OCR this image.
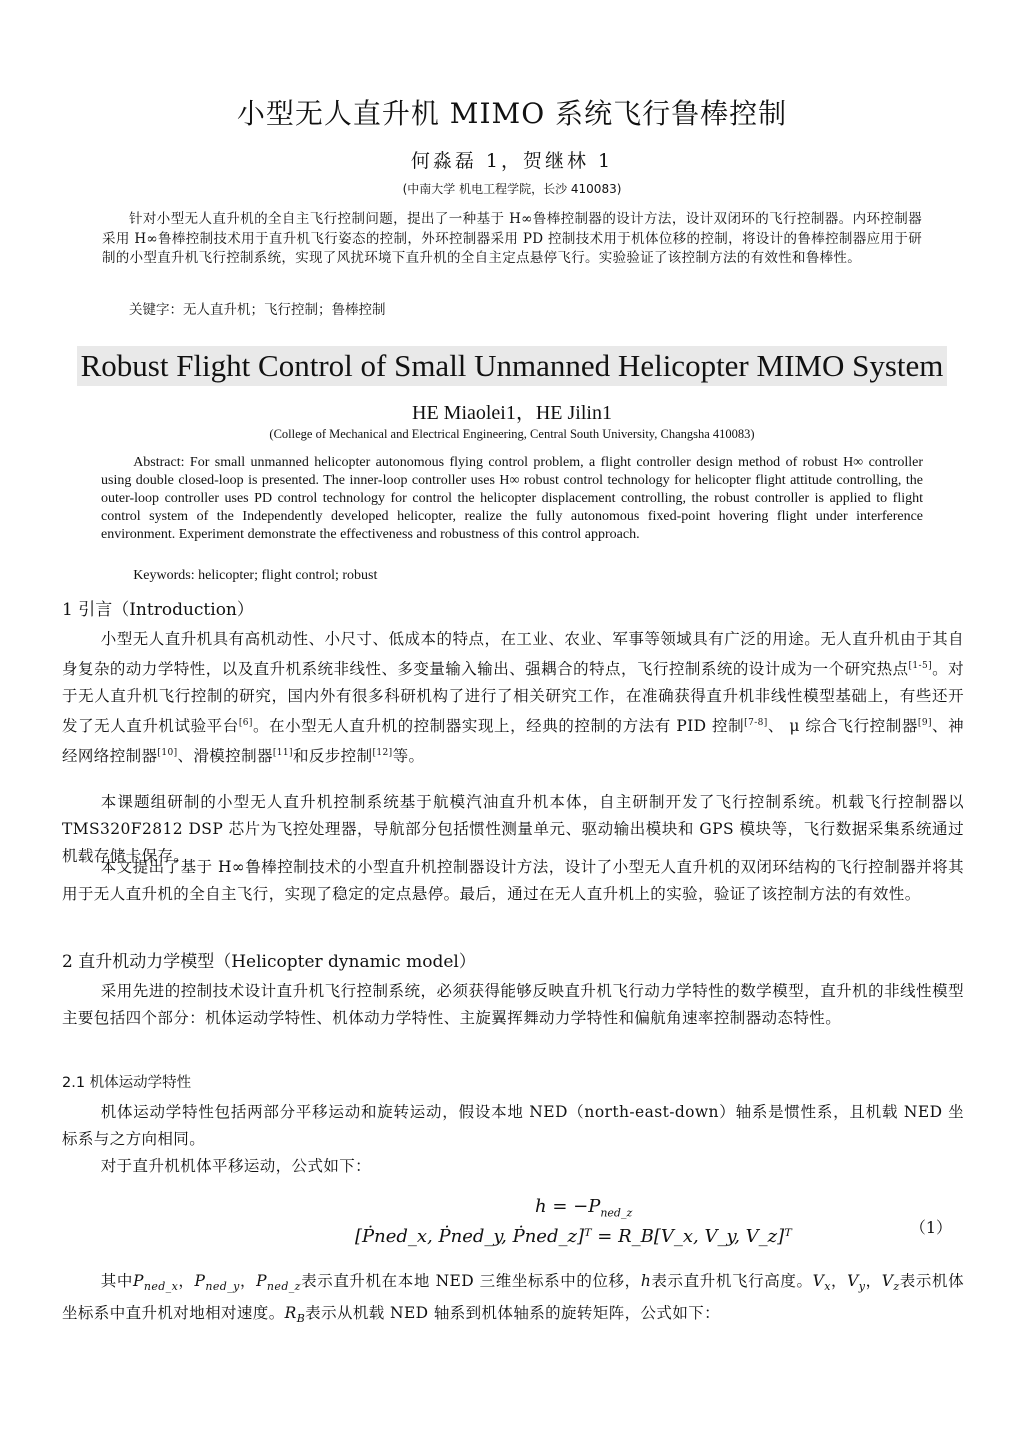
小型无人直升机 MIMO 系统飞行鲁棒控制
何淼磊 1，贺继林 1
(中南大学 机电工程学院，长沙 410083)
针对小型无人直升机的全自主飞行控制问题，提出了一种基于 H∞鲁棒控制器的设计方法，设计双闭环的飞行控制器。内环控制器采用 H∞鲁棒控制技术用于直升机飞行姿态的控制，外环控制器采用 PD 控制技术用于机体位移的控制，将设计的鲁棒控制器应用于研制的小型直升机飞行控制系统，实现了风扰环境下直升机的全自主定点悬停飞行。实验验证了该控制方法的有效性和鲁棒性。
关键字：无人直升机；飞行控制；鲁棒控制
Robust Flight Control of Small Unmanned Helicopter MIMO System
HE Miaolei1，HE Jilin1
(College of Mechanical and Electrical Engineering, Central South University, Changsha 410083)
Abstract: For small unmanned helicopter autonomous flying control problem, a flight controller design method of robust H∞ controller using double closed-loop is presented. The inner-loop controller uses H∞ robust control technology for helicopter flight attitude controlling, the outer-loop controller uses PD control technology for control the helicopter displacement controlling, the robust controller is applied to flight control system of the Independently developed helicopter, realize the fully autonomous fixed-point hovering flight under interference environment. Experiment demonstrate the effectiveness and robustness of this control approach.
Keywords: helicopter; flight control; robust
1 引言（Introduction）
小型无人直升机具有高机动性、小尺寸、低成本的特点，在工业、农业、军事等领域具有广泛的用途。无人直升机由于其自身复杂的动力学特性，以及直升机系统非线性、多变量输入输出、强耦合的特点，飞行控制系统的设计成为一个研究热点[1-5]。对于无人直升机飞行控制的研究，国内外有很多科研机构了进行了相关研究工作，在准确获得直升机非线性模型基础上，有些还开发了无人直升机试验平台[6]。在小型无人直升机的控制器实现上，经典的控制的方法有 PID 控制[7-8]、 μ 综合飞行控制器[9]、神经网络控制器[10]、滑模控制器[11]和反步控制[12]等。
本课题组研制的小型无人直升机控制系统基于航模汽油直升机本体，自主研制开发了飞行控制系统。机载飞行控制器以 TMS320F2812 DSP 芯片为飞控处理器，导航部分包括惯性测量单元、驱动输出模块和 GPS 模块等，飞行数据采集系统通过机载存储卡保存。
本文提出了基于 H∞鲁棒控制技术的小型直升机控制器设计方法，设计了小型无人直升机的双闭环结构的飞行控制器并将其用于无人直升机的全自主飞行，实现了稳定的定点悬停。最后，通过在无人直升机上的实验，验证了该控制方法的有效性。
2 直升机动力学模型（Helicopter dynamic model）
采用先进的控制技术设计直升机飞行控制系统，必须获得能够反映直升机飞行动力学特性的数学模型，直升机的非线性模型主要包括四个部分：机体运动学特性、机体动力学特性、主旋翼挥舞动力学特性和偏航角速率控制器动态特性。
2.1 机体运动学特性
机体运动学特性包括两部分平移运动和旋转运动，假设本地 NED（north-east-down）轴系是惯性系，且机载 NED 坐标系与之方向相同。
对于直升机机体平移运动，公式如下：
$h = -P_{ned\_z}$
[Ṗned_x, Ṗned_y, Ṗned_z]ᵀ = R_B[V_x, V_y, V_z]ᵀ	（1）
其中$P_{ned\_x}$，$P_{ned\_y}$，$P_{ned\_z}$表示直升机在本地 NED 三维坐标系中的位移，h表示直升机飞行高度。$V_x$，$V_y$，$V_z$表示机体坐标系中直升机对地相对速度。$R_B$表示从机载 NED 轴系到机体轴系的旋转矩阵，公式如下：
